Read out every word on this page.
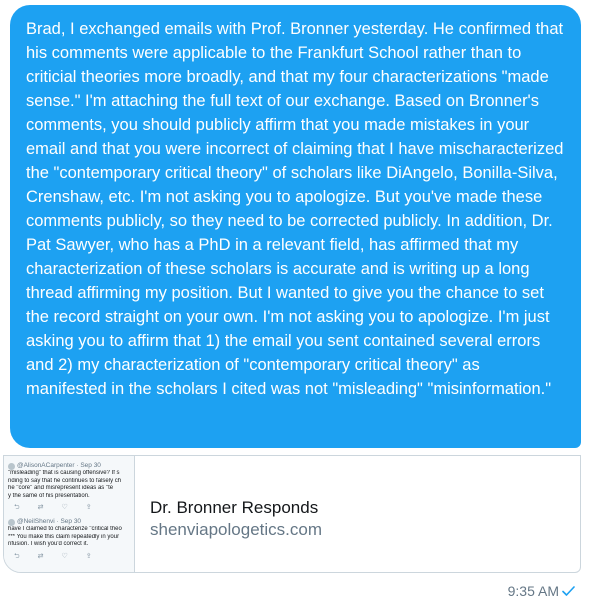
Brad, I exchanged emails with Prof. Bronner yesterday. He confirmed that his comments were applicable to the Frankfurt School rather than to criticial theories more broadly, and that my four characterizations "made sense." I'm attaching the full text of our exchange. Based on Bronner's comments, you should publicly affirm that you made mistakes in your email and that you were incorrect of claiming that I have mischaracterized the "contemporary critical theory" of scholars like DiAngelo, Bonilla-Silva, Crenshaw, etc. I'm not asking you to apologize. But you've made these comments publicly, so they need to be corrected publicly. In addition, Dr. Pat Sawyer, who has a PhD in a relevant field, has affirmed that my characterization of these scholars is accurate and is writing up a long thread affirming my position. But I wanted to give you the chance to set the record straight on your own. I'm not asking you to apologize. I'm just asking you to affirm that 1) the email you sent contained several errors and 2) my characterization of "contemporary critical theory" as manifested in the scholars I cited was not "misleading" "misinformation."

@AlisonACarpenter · Sep 30
"misleading" that is causing offensive? If s
nding to say that he continues to falsely ch
he "core" and misrepresent ideas as "te
y the same of his presentation.
⮌	⇄	♡	⇪
@NeilShenvi · Sep 30
have I claimed to characterize "critical theo
*** You make this claim repeatedly in your
nfusion. I wish you'd correct it.
⮌	⇄	♡	⇪

Dr. Bronner Responds

shenviapologetics.com

9:35 AM
